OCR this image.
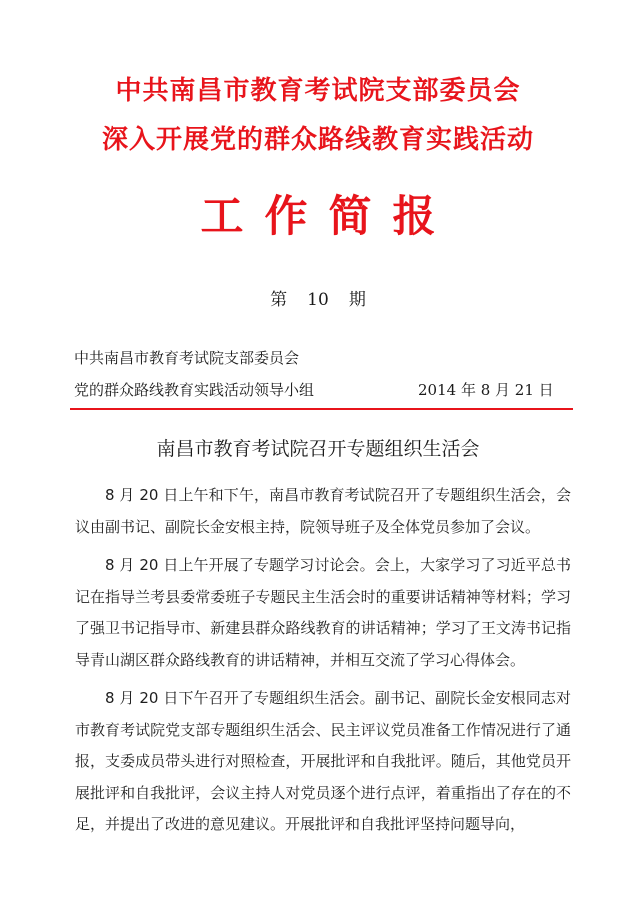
中共南昌市教育考试院支部委员会
深入开展党的群众路线教育实践活动
工作简报
第 10 期
中共南昌市教育考试院支部委员会
党的群众路线教育实践活动领导小组	2014 年 8 月 21 日
南昌市教育考试院召开专题组织生活会

8 月 20 日上午和下午，南昌市教育考试院召开了专题组织生活会，会议由副书记、副院长金安根主持，院领导班子及全体党员参加了会议。

8 月 20 日上午开展了专题学习讨论会。会上，大家学习了习近平总书记在指导兰考县委常委班子专题民主生活会时的重要讲话精神等材料；学习了强卫书记指导市、新建县群众路线教育的讲话精神；学习了王文涛书记指导青山湖区群众路线教育的讲话精神，并相互交流了学习心得体会。

8 月 20 日下午召开了专题组织生活会。副书记、副院长金安根同志对市教育考试院党支部专题组织生活会、民主评议党员准备工作情况进行了通报，支委成员带头进行对照检查，开展批评和自我批评。随后，其他党员开展批评和自我批评，会议主持人对党员逐个进行点评，着重指出了存在的不足，并提出了改进的意见建议。开展批评和自我批评坚持问题导向，
